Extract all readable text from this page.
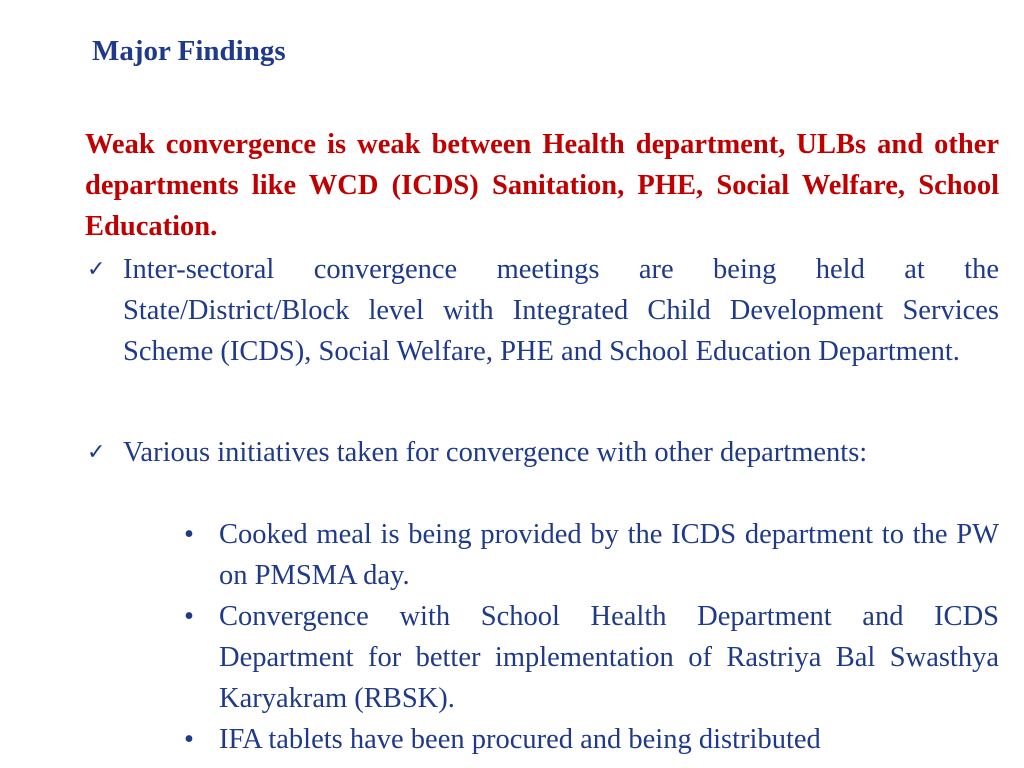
Major Findings
Weak convergence is weak between Health department, ULBs and other departments like WCD (ICDS) Sanitation, PHE, Social Welfare, School Education.
✓ Inter-sectoral convergence meetings are being held at the State/District/Block level with Integrated Child Development Services Scheme (ICDS), Social Welfare, PHE and School Education Department.
✓ Various initiatives taken for convergence with other departments:
• Cooked meal is being provided by the ICDS department to the PW on PMSMA day.
• Convergence with School Health Department and ICDS Department for better implementation of Rastriya Bal Swasthya Karyakram (RBSK).
• IFA tablets have been procured and being distributed
